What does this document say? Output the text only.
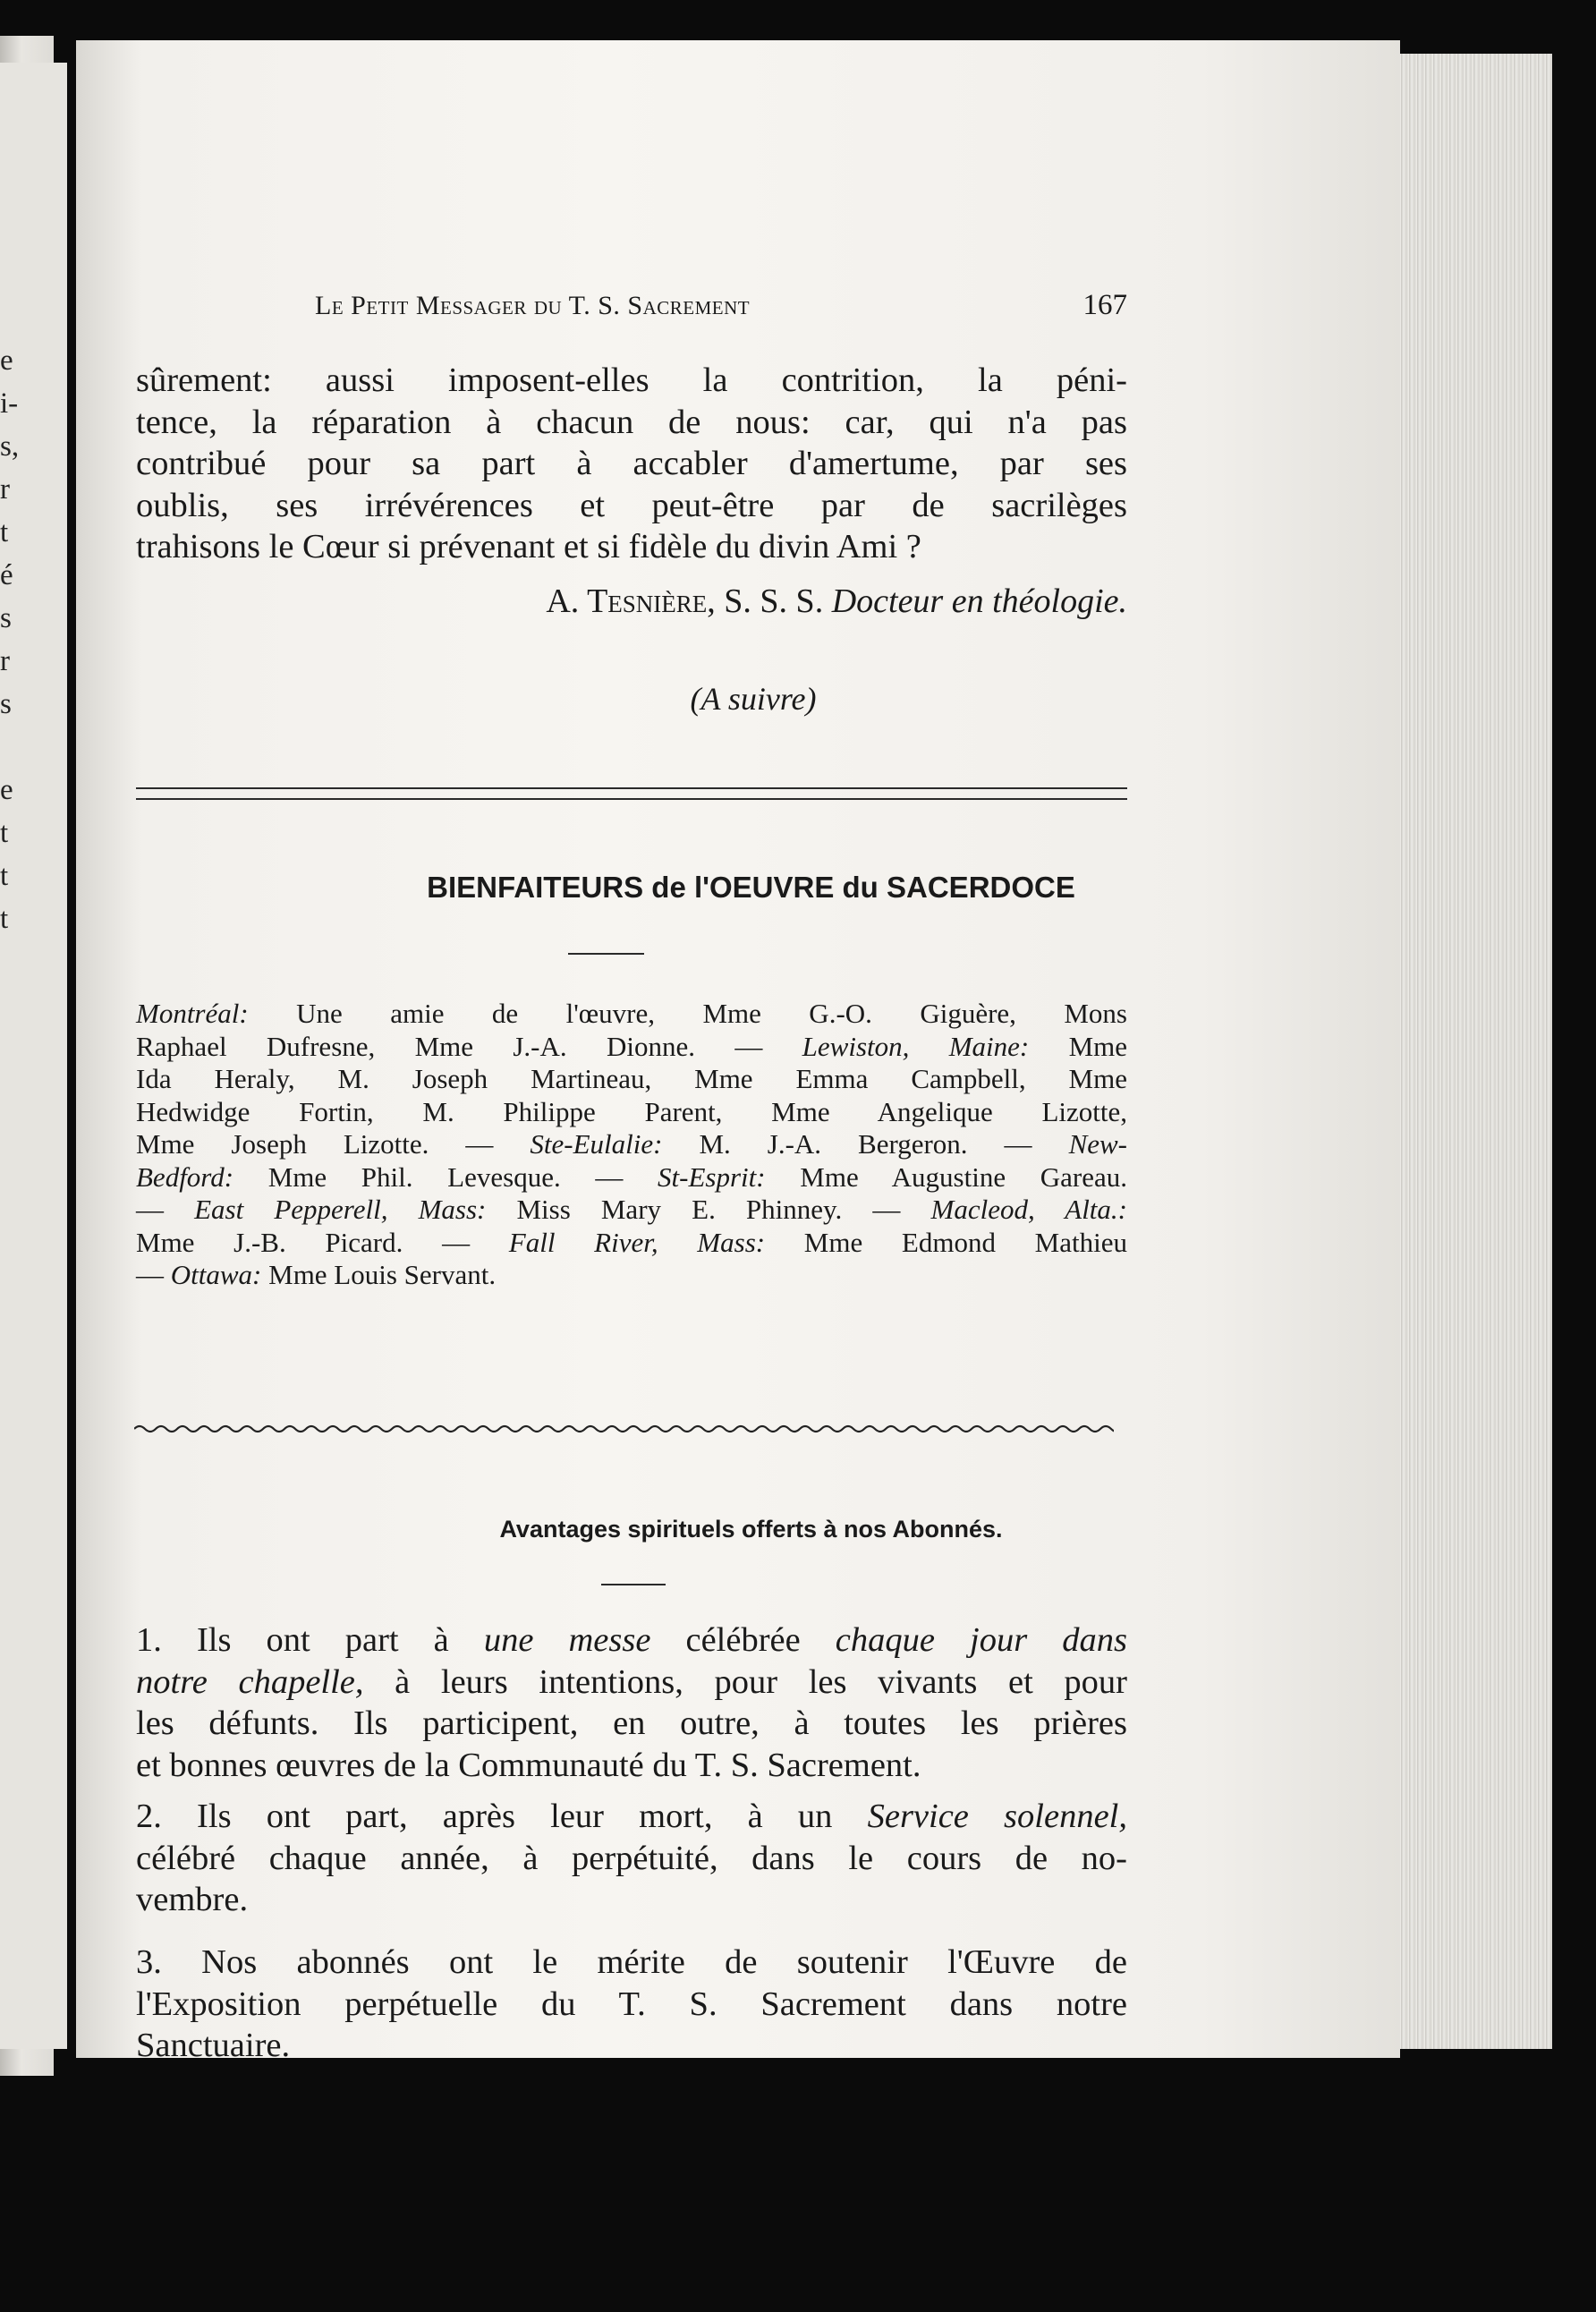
e
i-
s,
r
t
é
s
r
s
e
t
t
t
Le Petit Messager du T. S. Sacrement	167
sûrement: aussi imposent-elles la contrition, la péni-
tence, la réparation à chacun de nous: car, qui n'a pas
contribué pour sa part à accabler d'amertume, par ses
oublis, ses irrévérences et peut-être par de sacrilèges
trahisons le Cœur si prévenant et si fidèle du divin Ami ?
A. Tesnière, S. S. S. Docteur en théologie.
(A suivre)
BIENFAITEURS de l'OEUVRE du SACERDOCE
Montréal: Une amie de l'œuvre, Mme G.-O. Giguère, Mons
Raphael Dufresne, Mme J.-A. Dionne. — Lewiston, Maine: Mme
Ida Heraly, M. Joseph Martineau, Mme Emma Campbell, Mme
Hedwidge Fortin, M. Philippe Parent, Mme Angelique Lizotte,
Mme Joseph Lizotte. — Ste-Eulalie: M. J.-A. Bergeron. — New-
Bedford: Mme Phil. Levesque. — St-Esprit: Mme Augustine Gareau.
— East Pepperell, Mass: Miss Mary E. Phinney. — Macleod, Alta.:
Mme J.-B. Picard. — Fall River, Mass: Mme Edmond Mathieu
— Ottawa: Mme Louis Servant.
Avantages spirituels offerts à nos Abonnés.
1. Ils ont part à une messe célébrée chaque jour dans
notre chapelle, à leurs intentions, pour les vivants et pour
les défunts. Ils participent, en outre, à toutes les prières
et bonnes œuvres de la Communauté du T. S. Sacrement.
2. Ils ont part, après leur mort, à un Service solennel,
célébré chaque année, à perpétuité, dans le cours de no-
vembre.
3. Nos abonnés ont le mérite de soutenir l'Œuvre de
l'Exposition perpétuelle du T. S. Sacrement dans notre
Sanctuaire.
